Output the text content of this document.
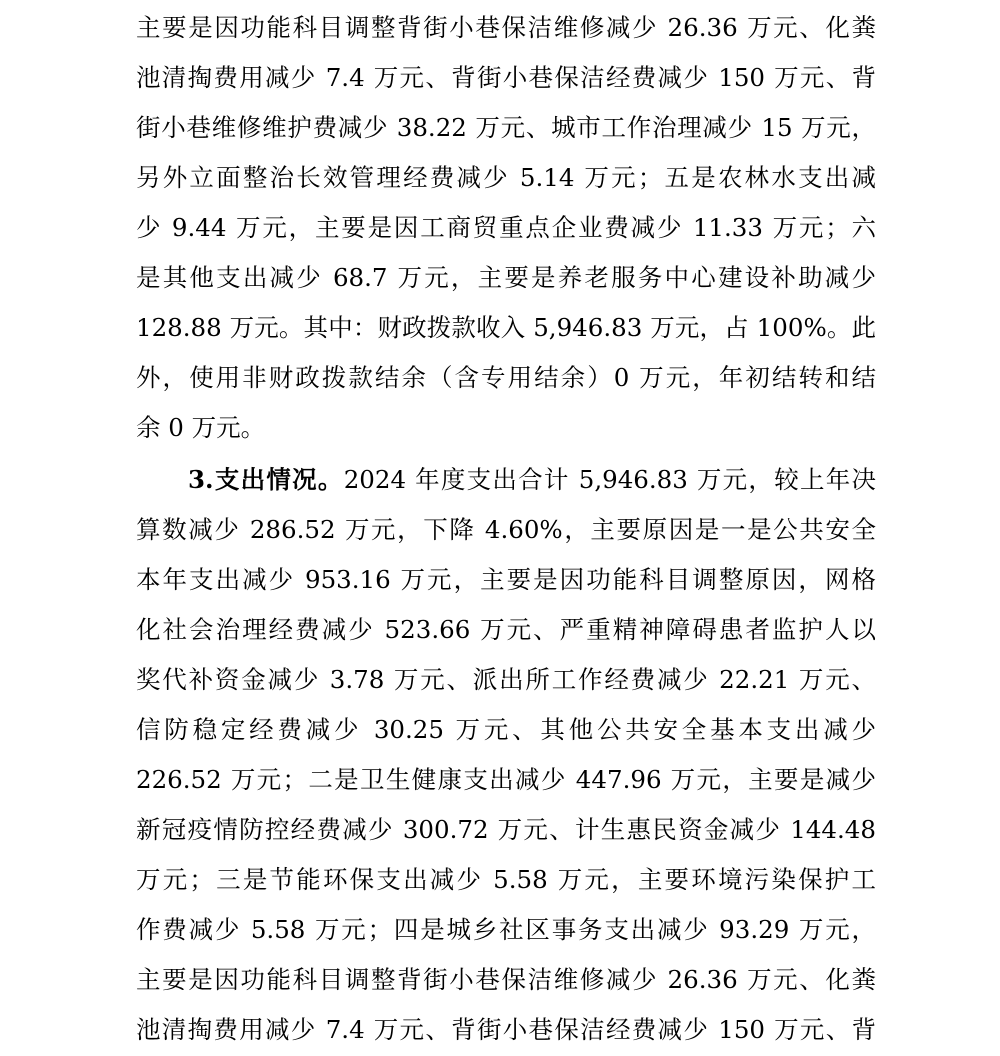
主要是因功能科目调整背街小巷保洁维修减少 26.36 万元、化粪
池清掏费用减少 7.4 万元、背街小巷保洁经费减少 150 万元、背
街小巷维修维护费减少 38.22 万元、城市工作治理减少 15 万元，
另外立面整治长效管理经费减少 5.14 万元；五是农林水支出减
少 9.44 万元，主要是因工商贸重点企业费减少 11.33 万元；六
是其他支出减少 68.7 万元，主要是养老服务中心建设补助减少
128.88 万元。其中：财政拨款收入 5,946.83 万元，占 100%。此
外，使用非财政拨款结余（含专用结余）0 万元，年初结转和结
余 0 万元。
3.支出情况。2024 年度支出合计 5,946.83 万元，较上年决
算数减少 286.52 万元，下降 4.60%，主要原因是一是公共安全
本年支出减少 953.16 万元，主要是因功能科目调整原因，网格
化社会治理经费减少 523.66 万元、严重精神障碍患者监护人以
奖代补资金减少 3.78 万元、派出所工作经费减少 22.21 万元、
信防稳定经费减少 30.25 万元、其他公共安全基本支出减少
226.52 万元；二是卫生健康支出减少 447.96 万元，主要是减少
新冠疫情防控经费减少 300.72 万元、计生惠民资金减少 144.48
万元；三是节能环保支出减少 5.58 万元，主要环境污染保护工
作费减少 5.58 万元；四是城乡社区事务支出减少 93.29 万元，
主要是因功能科目调整背街小巷保洁维修减少 26.36 万元、化粪
池清掏费用减少 7.4 万元、背街小巷保洁经费减少 150 万元、背
